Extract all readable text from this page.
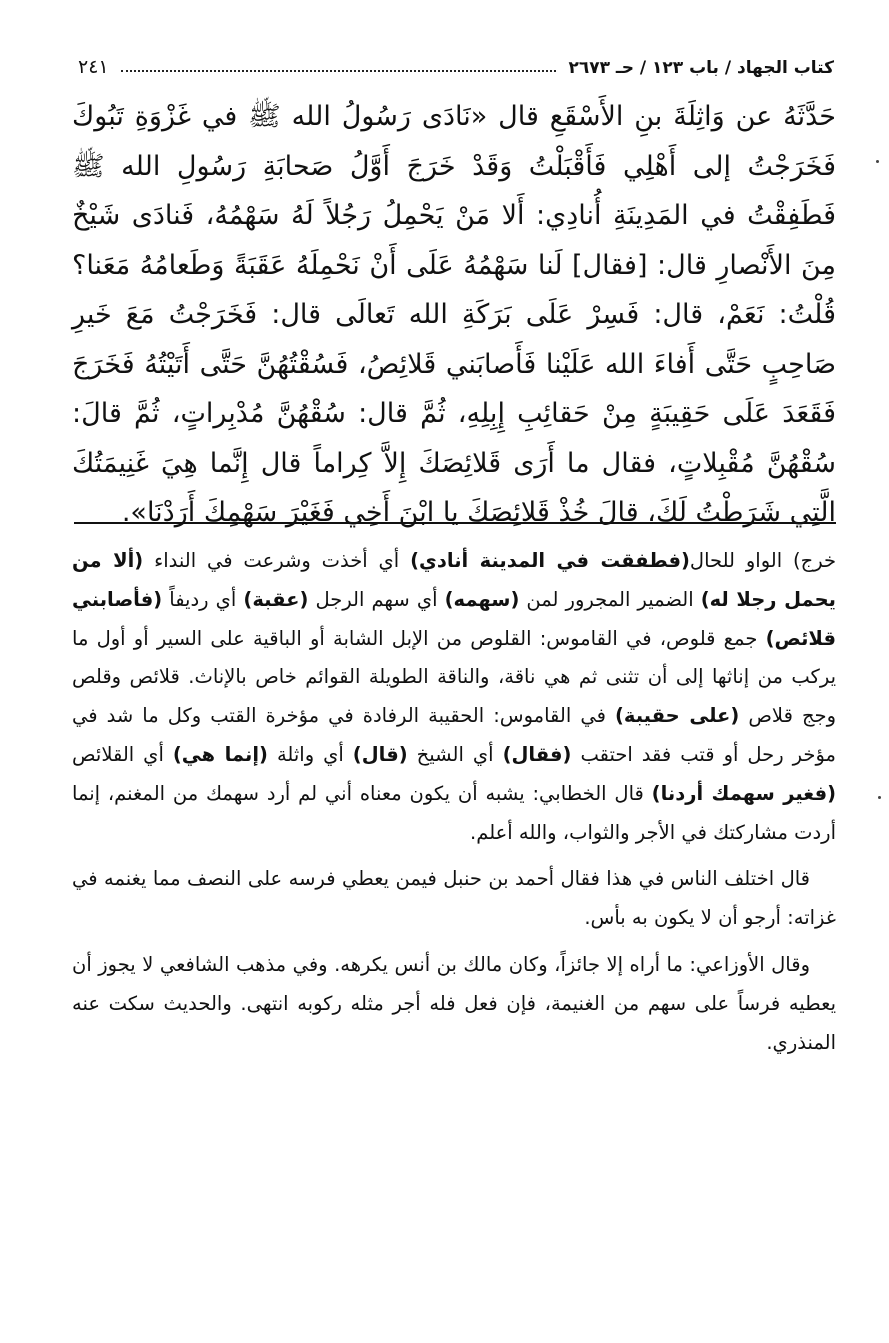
كتاب الجهاد / باب ١٢٣ / حـ ٢٦٧٣
٢٤١

حَدَّثَهُ عن وَاثِلَةَ بنِ الأَسْقَعِ قال «نَادَى رَسُولُ الله ﷺ في غَزْوَةِ تَبُوكَ فَخَرَجْتُ إلى أَهْلِي فَأَقْبَلْتُ وَقَدْ خَرَجَ أَوَّلُ صَحابَةِ رَسُولِ الله ﷺ فَطَفِقْتُ في المَدِينَةِ أُنادِي: أَلا مَنْ يَحْمِلُ رَجُلاً لَهُ سَهْمُهُ، فَنادَى شَيْخٌ مِنَ الأَنْصارِ قال: [فقال] لَنا سَهْمُهُ عَلَى أَنْ نَحْمِلَهُ عَقَبَةً وَطَعامُهُ مَعَنا؟ قُلْتُ: نَعَمْ، قال: فَسِرْ عَلَى بَرَكَةِ الله تَعالَى قال: فَخَرَجْتُ مَعَ خَيرِ صَاحِبٍ حَتَّى أَفاءَ الله عَلَيْنا فَأَصابَني قَلائِصُ، فَسُقْتُهُنَّ حَتَّى أَتَيْتُهُ فَخَرَجَ فَقَعَدَ عَلَى حَقِيبَةٍ مِنْ حَقائِبِ إِبِلِهِ، ثُمَّ قال: سُقْهُنَّ مُدْبِراتٍ، ثُمَّ قالَ: سُقْهُنَّ مُقْبِلاتٍ، فقال ما أَرَى قَلائِصَكَ إِلاَّ كِراماً قال إِنَّما هِيَ غَنِيمَتُكَ الَّتِي شَرَطْتُ لَكَ، قالَ خُذْ قَلائِصَكَ يا ابْنَ أَخِي فَغَيْرَ سَهْمِكَ أَرَدْنَا».

خرج) الواو للحال(فطفقت في المدينة أنادي) أي أخذت وشرعت في النداء (ألا من يحمل رجلا له) الضمير المجرور لمن (سهمه) أي سهم الرجل (عقبة) أي رديفاً (فأصابني قلائص) جمع قلوص، في القاموس: القلوص من الإبل الشابة أو الباقية على السير أو أول ما يركب من إناثها إلى أن تثنى ثم هي ناقة، والناقة الطويلة القوائم خاص بالإناث. قلائص وقلص وجج قلاص (على حقيبة) في القاموس: الحقيبة الرفادة في مؤخرة القتب وكل ما شد في مؤخر رحل أو قتب فقد احتقب (فقال) أي الشيخ (قال) أي واثلة (إنما هي) أي القلائص (فغير سهمك أردنا) قال الخطابي: يشبه أن يكون معناه أني لم أرد سهمك من المغنم، إنما أردت مشاركتك في الأجر والثواب، والله أعلم.

قال اختلف الناس في هذا فقال أحمد بن حنبل فيمن يعطي فرسه على النصف مما يغنمه في غزاته: أرجو أن لا يكون به بأس.

وقال الأوزاعي: ما أراه إلا جائزاً، وكان مالك بن أنس يكرهه. وفي مذهب الشافعي لا يجوز أن يعطيه فرساً على سهم من الغنيمة، فإن فعل فله أجر مثله ركوبه انتهى. والحديث سكت عنه المنذري.
